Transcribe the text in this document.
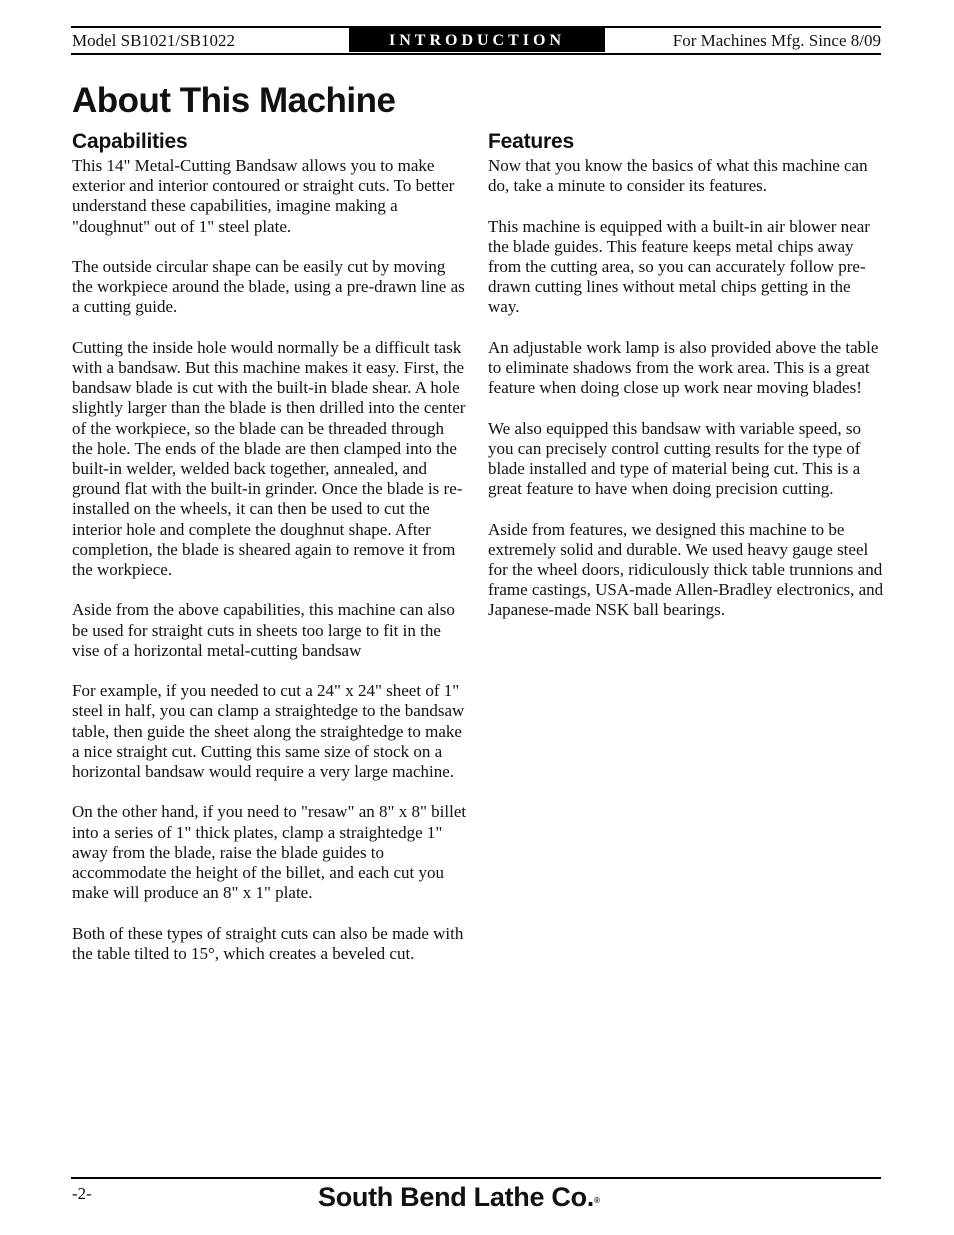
Model SB1021/SB1022	INTRODUCTION	For Machines Mfg. Since 8/09
About This Machine
Capabilities

This 14" Metal-Cutting Bandsaw allows you to make exterior and interior contoured or straight cuts. To better understand these capabilities, imagine making a "doughnut" out of 1" steel plate.

The outside circular shape can be easily cut by moving the workpiece around the blade, using a pre-drawn line as a cutting guide.

Cutting the inside hole would normally be a difficult task with a bandsaw. But this machine makes it easy. First, the bandsaw blade is cut with the built-in blade shear. A hole slightly larger than the blade is then drilled into the center of the workpiece, so the blade can be threaded through the hole. The ends of the blade are then clamped into the built-in welder, welded back together, annealed, and ground flat with the built-in grinder. Once the blade is re-installed on the wheels, it can then be used to cut the interior hole and complete the doughnut shape. After completion, the blade is sheared again to remove it from the workpiece.

Aside from the above capabilities, this machine can also be used for straight cuts in sheets too large to fit in the vise of a horizontal metal-cutting bandsaw

For example, if you needed to cut a 24" x 24" sheet of 1" steel in half, you can clamp a straightedge to the bandsaw table, then guide the sheet along the straightedge to make a nice straight cut. Cutting this same size of stock on a horizontal bandsaw would require a very large machine.

On the other hand, if you need to "resaw" an 8" x 8" billet into a series of 1" thick plates, clamp a straightedge 1" away from the blade, raise the blade guides to accommodate the height of the billet, and each cut you make will produce an 8" x 1" plate.

Both of these types of straight cuts can also be made with the table tilted to 15°, which creates a beveled cut.

Features

Now that you know the basics of what this machine can do, take a minute to consider its features.

This machine is equipped with a built-in air blower near the blade guides. This feature keeps metal chips away from the cutting area, so you can accurately follow pre-drawn cutting lines without metal chips getting in the way.

An adjustable work lamp is also provided above the table to eliminate shadows from the work area. This is a great feature when doing close up work near moving blades!

We also equipped this bandsaw with variable speed, so you can precisely control cutting results for the type of blade installed and type of material being cut. This is a great feature to have when doing precision cutting.

Aside from features, we designed this machine to be extremely solid and durable. We used heavy gauge steel for the wheel doors, ridiculously thick table trunnions and frame castings, USA-made Allen-Bradley electronics, and Japanese-made NSK ball bearings.

-2-	South Bend Lathe Co.®
